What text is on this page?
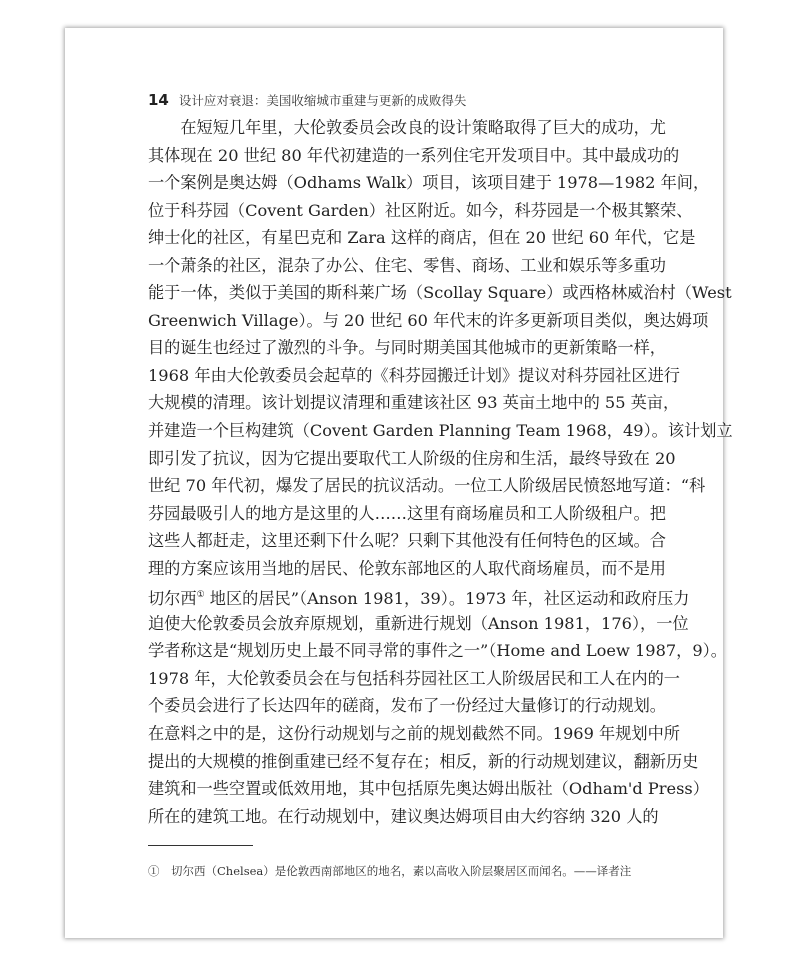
14 设计应对衰退：美国收缩城市重建与更新的成败得失
　　在短短几年里，大伦敦委员会改良的设计策略取得了巨大的成功，尤
其体现在 20 世纪 80 年代初建造的一系列住宅开发项目中。其中最成功的
一个案例是奥达姆（Odhams Walk）项目，该项目建于 1978—1982 年间，
位于科芬园（Covent Garden）社区附近。如今，科芬园是一个极其繁荣、
绅士化的社区，有星巴克和 Zara 这样的商店，但在 20 世纪 60 年代，它是
一个萧条的社区，混杂了办公、住宅、零售、商场、工业和娱乐等多重功
能于一体，类似于美国的斯科莱广场（Scollay Square）或西格林威治村（West
Greenwich Village）。与 20 世纪 60 年代末的许多更新项目类似，奥达姆项
目的诞生也经过了激烈的斗争。与同时期美国其他城市的更新策略一样，
1968 年由大伦敦委员会起草的《科芬园搬迁计划》提议对科芬园社区进行
大规模的清理。该计划提议清理和重建该社区 93 英亩土地中的 55 英亩，
并建造一个巨构建筑（Covent Garden Planning Team 1968，49）。该计划立
即引发了抗议，因为它提出要取代工人阶级的住房和生活，最终导致在 20
世纪 70 年代初，爆发了居民的抗议活动。一位工人阶级居民愤怒地写道：“科
芬园最吸引人的地方是这里的人……这里有商场雇员和工人阶级租户。把
这些人都赶走，这里还剩下什么呢？只剩下其他没有任何特色的区域。合
理的方案应该用当地的居民、伦敦东部地区的人取代商场雇员，而不是用
切尔西① 地区的居民”（Anson 1981，39）。1973 年，社区运动和政府压力
迫使大伦敦委员会放弃原规划，重新进行规划（Anson 1981，176），一位
学者称这是“规划历史上最不同寻常的事件之一”（Home and Loew 1987，9）。
1978 年，大伦敦委员会在与包括科芬园社区工人阶级居民和工人在内的一
个委员会进行了长达四年的磋商，发布了一份经过大量修订的行动规划。
在意料之中的是，这份行动规划与之前的规划截然不同。1969 年规划中所
提出的大规模的推倒重建已经不复存在；相反，新的行动规划建议，翻新历史
建筑和一些空置或低效用地，其中包括原先奥达姆出版社（Odham'd Press）
所在的建筑工地。在行动规划中，建议奥达姆项目由大约容纳 320 人的
①　切尔西（Chelsea）是伦敦西南部地区的地名，素以高收入阶层聚居区而闻名。——译者注
